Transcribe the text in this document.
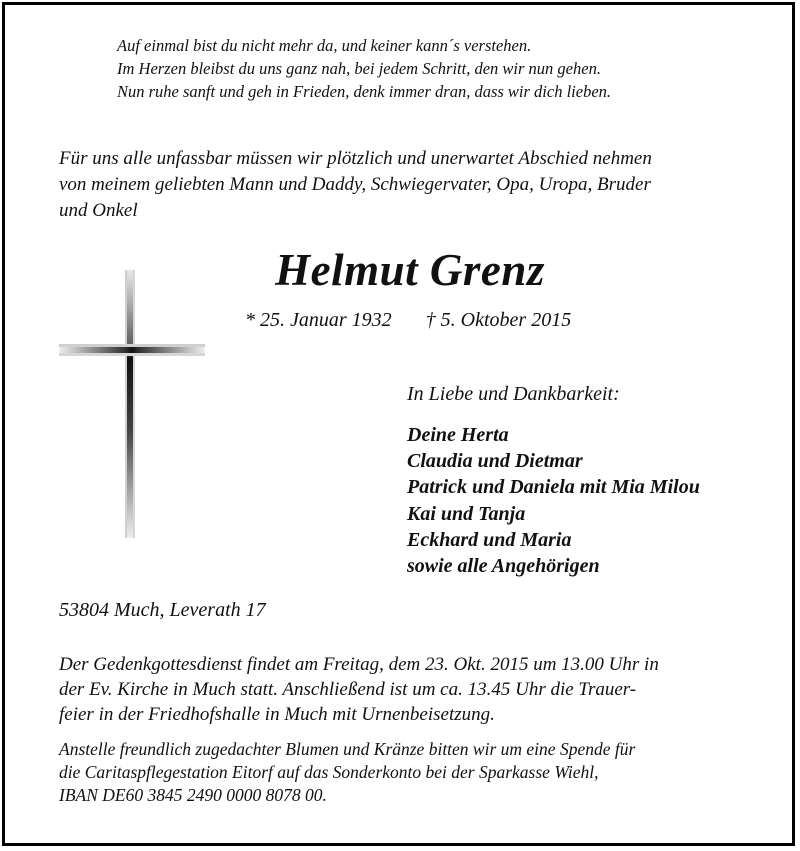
Auf einmal bist du nicht mehr da, und keiner kann´s verstehen.
Im Herzen bleibst du uns ganz nah, bei jedem Schritt, den wir nun gehen.
Nun ruhe sanft und geh in Frieden, denk immer dran, dass wir dich lieben.
Für uns alle unfassbar müssen wir plötzlich und unerwartet Abschied nehmen
von meinem geliebten Mann und Daddy, Schwiegervater, Opa, Uropa, Bruder
und Onkel
Helmut Grenz
* 25. Januar 1932 † 5. Oktober 2015
In Liebe und Dankbarkeit:
Deine Herta
Claudia und Dietmar
Patrick und Daniela mit Mia Milou
Kai und Tanja
Eckhard und Maria
sowie alle Angehörigen
53804 Much, Leverath 17
Der Gedenkgottesdienst findet am Freitag, dem 23. Okt. 2015 um 13.00 Uhr in
der Ev. Kirche in Much statt. Anschließend ist um ca. 13.45 Uhr die Trauer-
feier in der Friedhofshalle in Much mit Urnenbeisetzung.
Anstelle freundlich zugedachter Blumen und Kränze bitten wir um eine Spende für
die Caritaspflegestation Eitorf auf das Sonderkonto bei der Sparkasse Wiehl,
IBAN DE60 3845 2490 0000 8078 00.
